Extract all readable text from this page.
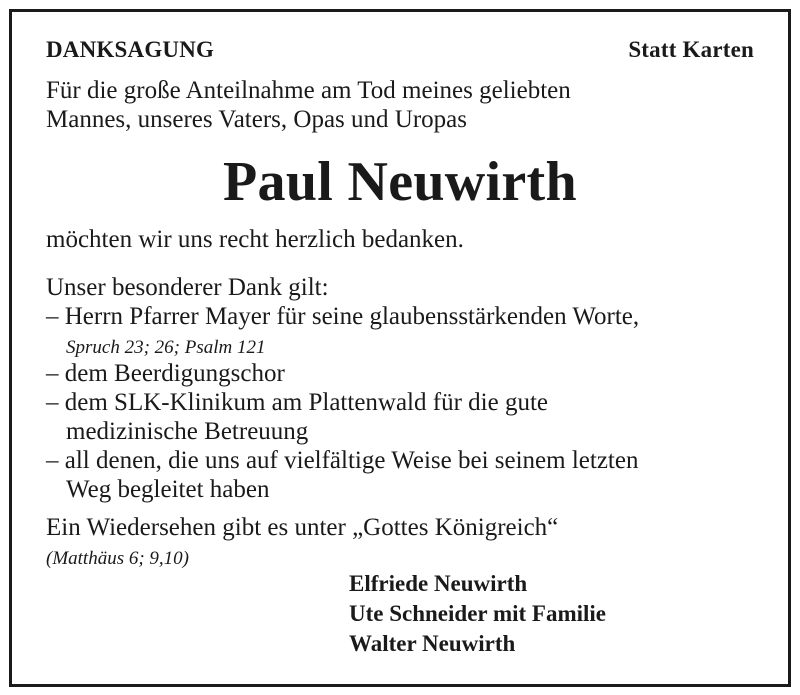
DANKSAGUNG	Statt Karten
Für die große Anteilnahme am Tod meines geliebten
Mannes, unseres Vaters, Opas und Uropas
Paul Neuwirth
möchten wir uns recht herzlich bedanken.
Unser besonderer Dank gilt:
– Herrn Pfarrer Mayer für seine glaubensstärkenden Worte,
Spruch 23; 26; Psalm 121
– dem Beerdigungschor
– dem SLK-Klinikum am Plattenwald für die gute
medizinische Betreuung
– all denen, die uns auf vielfältige Weise bei seinem letzten
Weg begleitet haben
Ein Wiedersehen gibt es unter „Gottes Königreich“
(Matthäus 6; 9,10)
Elfriede Neuwirth
Ute Schneider mit Familie
Walter Neuwirth
